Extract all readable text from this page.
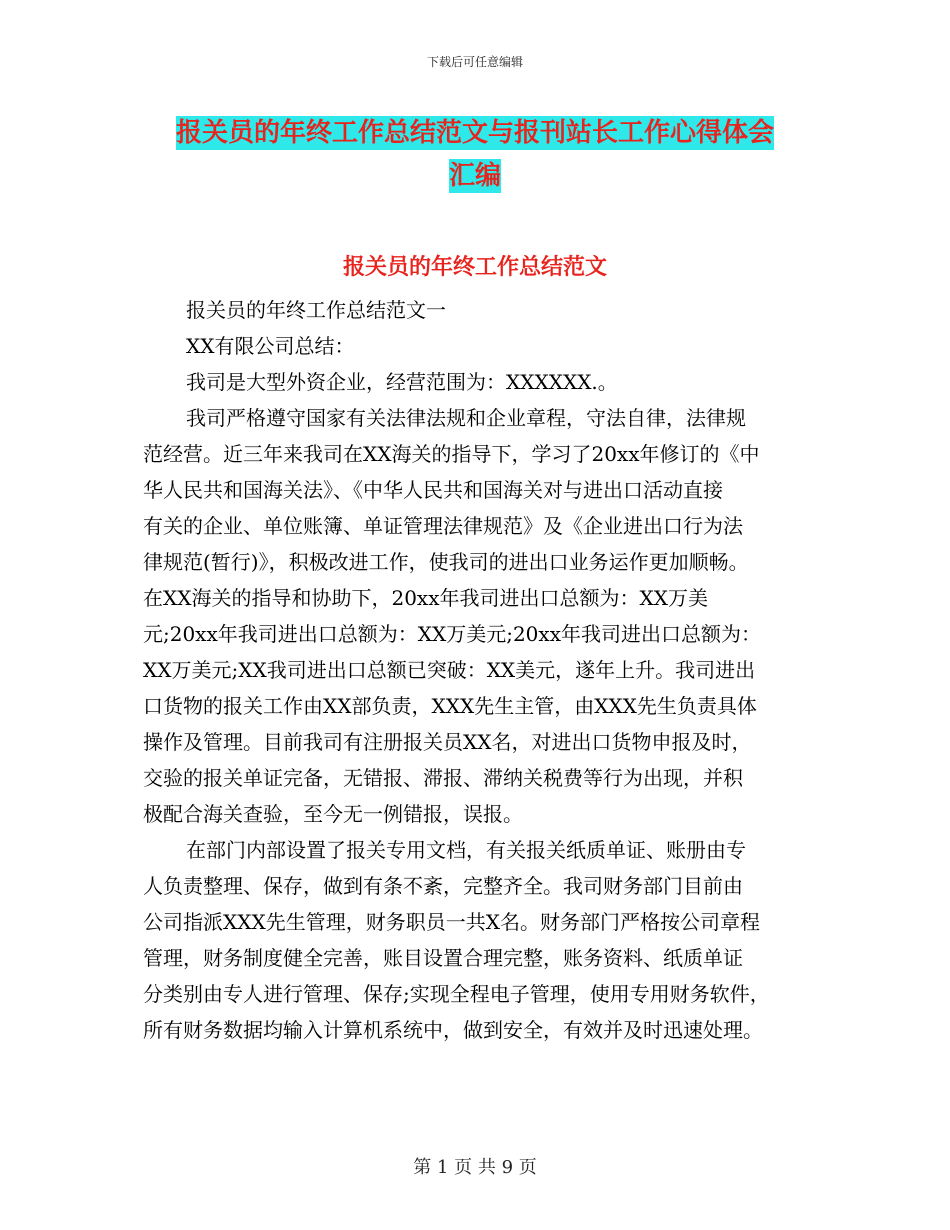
下载后可任意编辑
报关员的年终工作总结范文与报刊站长工作心得体会
汇编
报关员的年终工作总结范文
报关员的年终工作总结范文一
XX有限公司总结：
我司是大型外资企业，经营范围为：XXXXXX.。
我司严格遵守国家有关法律法规和企业章程，守法自律，法律规
范经营。近三年来我司在XX海关的指导下，学习了20xx年修订的《中
华人民共和国海关法》、《中华人民共和国海关对与进出口活动直接
有关的企业、单位账簿、单证管理法律规范》及《企业进出口行为法
律规范(暂行)》，积极改进工作，使我司的进出口业务运作更加顺畅。
在XX海关的指导和协助下，20xx年我司进出口总额为：XX万美
元;20xx年我司进出口总额为：XX万美元;20xx年我司进出口总额为：
XX万美元;XX我司进出口总额已突破：XX美元，遂年上升。我司进出
口货物的报关工作由XX部负责，XXX先生主管，由XXX先生负责具体
操作及管理。目前我司有注册报关员XX名，对进出口货物申报及时，
交验的报关单证完备，无错报、滞报、滞纳关税费等行为出现，并积
极配合海关查验，至今无一例错报，误报。
在部门内部设置了报关专用文档，有关报关纸质单证、账册由专
人负责整理、保存，做到有条不紊，完整齐全。我司财务部门目前由
公司指派XXX先生管理，财务职员一共X名。财务部门严格按公司章程
管理，财务制度健全完善，账目设置合理完整，账务资料、纸质单证
分类别由专人进行管理、保存;实现全程电子管理，使用专用财务软件，
所有财务数据均输入计算机系统中，做到安全，有效并及时迅速处理。
第 1 页 共 9 页
